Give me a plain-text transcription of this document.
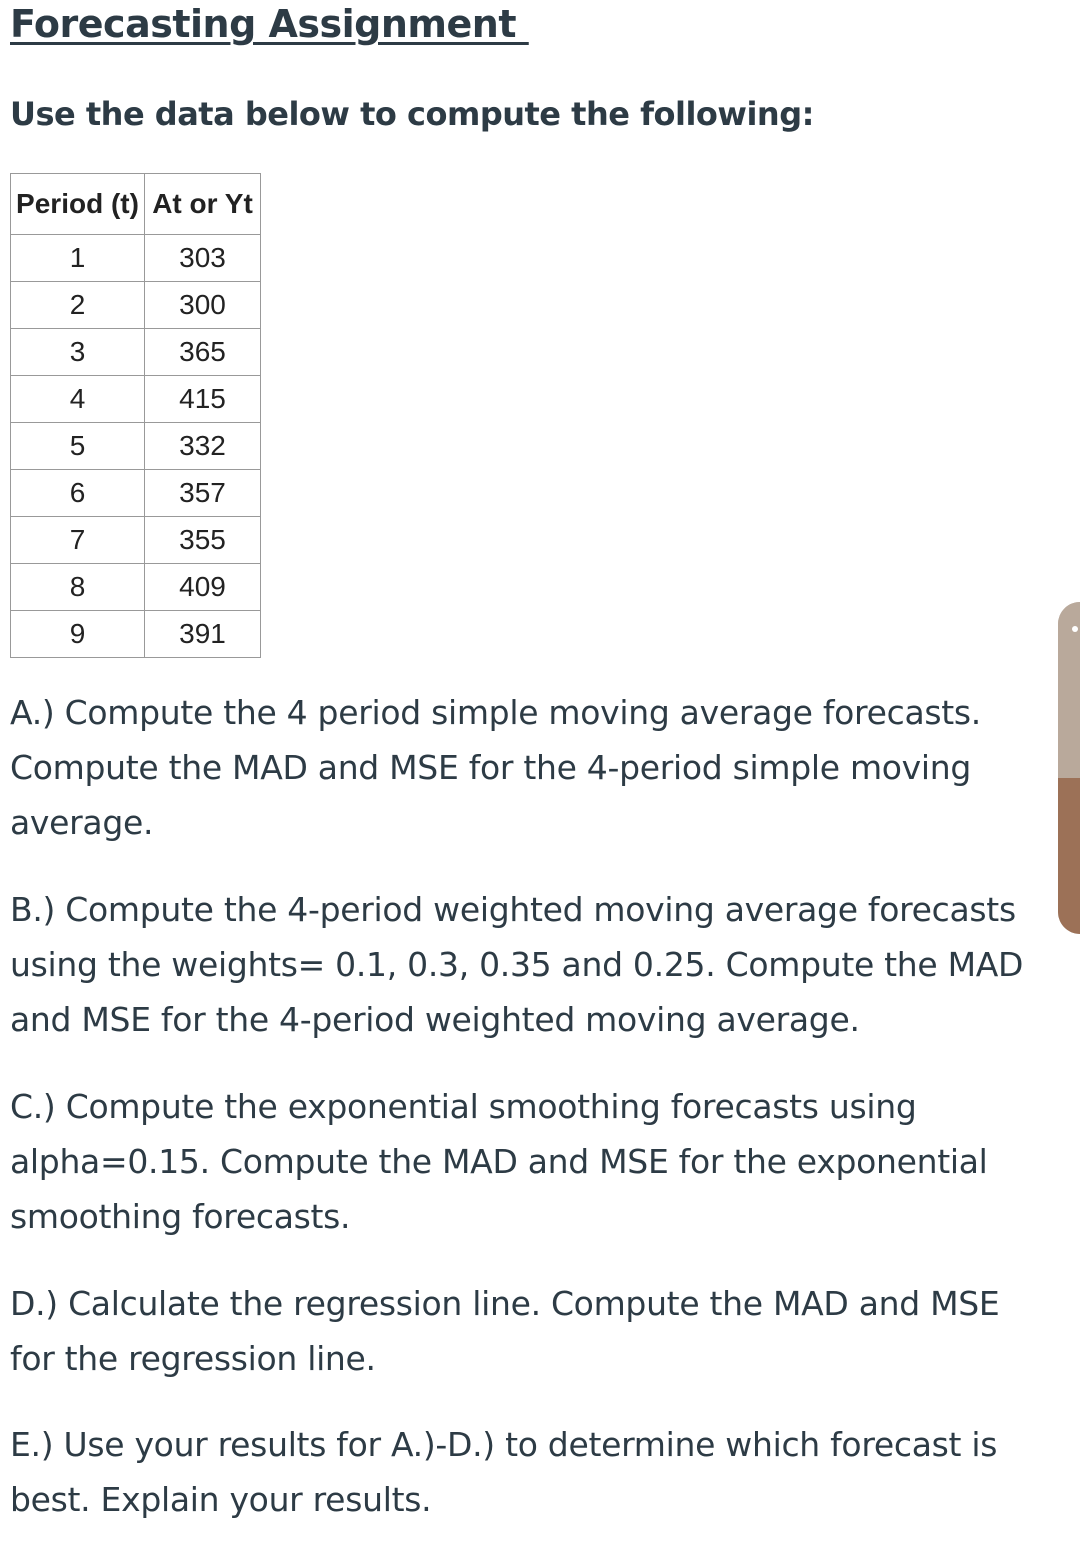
Forecasting Assignment
Use the data below to compute the following:
Period (t)	At or Yt
1	303
2	300
3	365
4	415
5	332
6	357
7	355
8	409
9	391
A.) Compute the 4 period simple moving average forecasts.
Compute the MAD and MSE for the 4-period simple moving
average.
B.) Compute the 4-period weighted moving average forecasts
using the weights= 0.1, 0.3, 0.35 and 0.25. Compute the MAD
and MSE for the 4-period weighted moving average.
C.) Compute the exponential smoothing forecasts using
alpha=0.15. Compute the MAD and MSE for the exponential
smoothing forecasts.
D.) Calculate the regression line. Compute the MAD and MSE
for the regression line.
E.) Use your results for A.)-D.) to determine which forecast is
best. Explain your results.
